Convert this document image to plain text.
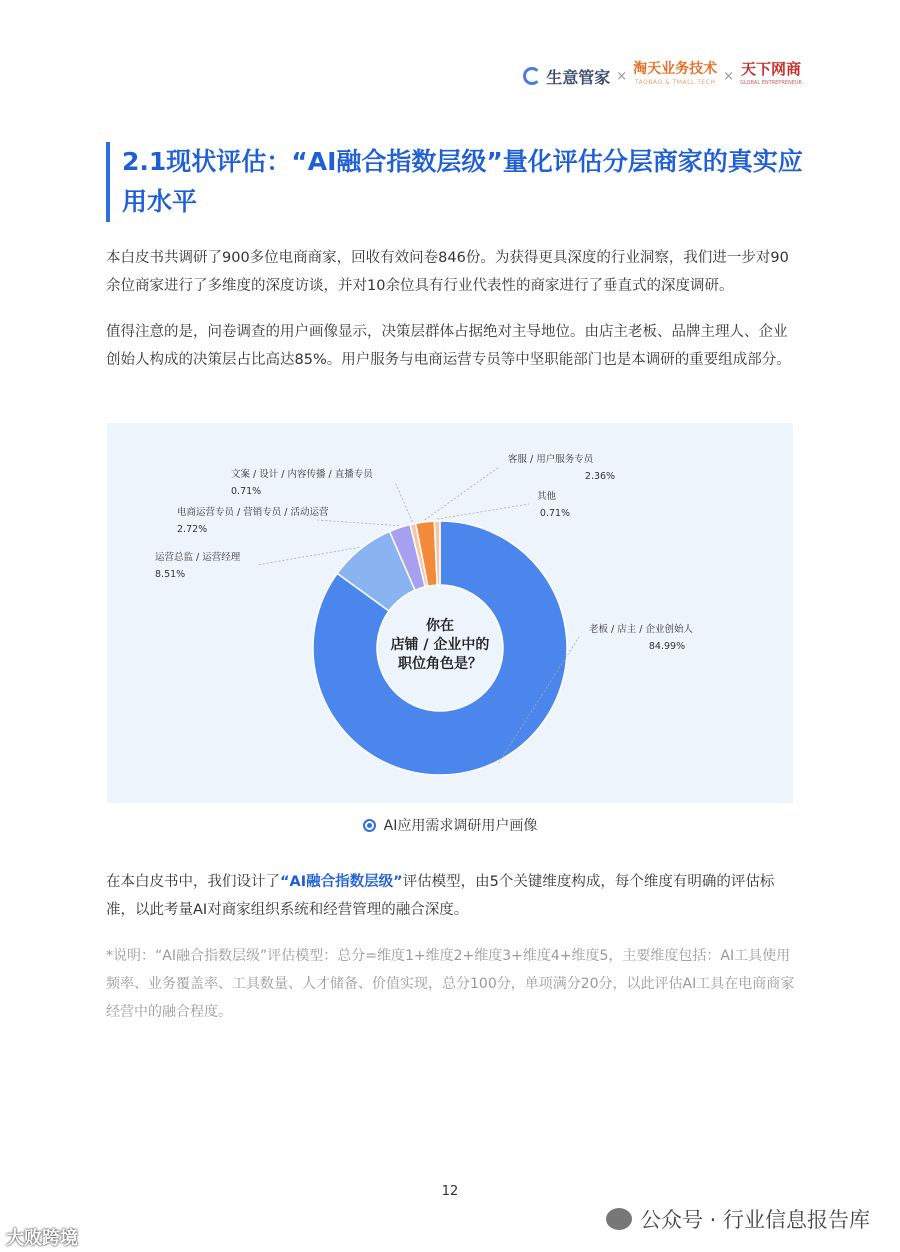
生意管家 × 淘天业务技术
TAOBAO & TMALL TECH × 天下网商
GLOBAL ENTREPRENEUR
2.1现状评估：“AI融合指数层级”量化评估分层商家的真实应用水平

本白皮书共调研了900多位电商商家，回收有效问卷846份。为获得更具深度的行业洞察，我们进一步对90余位商家进行了多维度的深度访谈，并对10余位具有行业代表性的商家进行了垂直式的深度调研。

值得注意的是，问卷调查的用户画像显示，决策层群体占据绝对主导地位。由店主老板、品牌主理人、企业创始人构成的决策层占比高达85%。用户服务与电商运营专员等中坚职能部门也是本调研的重要组成部分。

老板 / 店主 / 企业创始人
84.99%
运营总监 / 运营经理
8.51%
电商运营专员 / 营销专员 / 活动运营
2.72%
文案 / 设计 / 内容传播 / 直播专员
0.71%
客服 / 用户服务专员
2.36%
其他
0.71%
你在
店铺 / 企业中的
职位角色是？
AI应用需求调研用户画像

在本白皮书中，我们设计了“AI融合指数层级”评估模型，由5个关键维度构成，每个维度有明确的评估标准，以此考量AI对商家组织系统和经营管理的融合深度。

*说明：“AI融合指数层级”评估模型：总分=维度1+维度2+维度3+维度4+维度5，主要维度包括：AI工具使用频率、业务覆盖率、工具数量、人才储备、价值实现，总分100分，单项满分20分，以此评估AI工具在电商商家经营中的融合程度。

12
公众号 · 行业信息报告库
大败跨境
